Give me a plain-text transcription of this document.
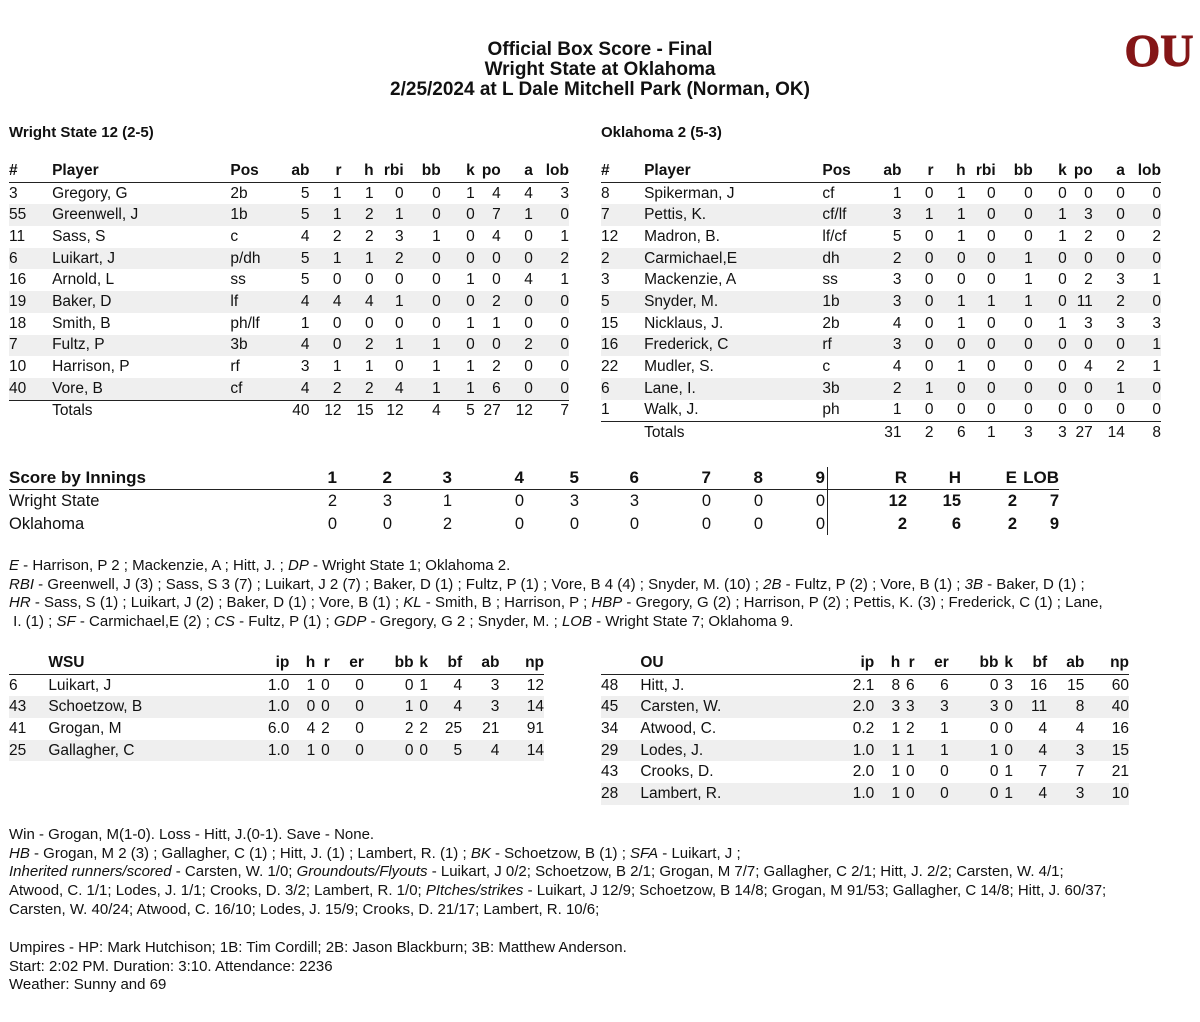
Official Box Score - Final
Wright State at Oklahoma
2/25/2024 at L Dale Mitchell Park (Norman, OK)
OU
Wright State 12 (2-5)
#	Player	Pos	ab	r	h	rbi	bb	k	po	a	lob
3	Gregory, G	2b	5	1	1	0	0	1	4	4	3
55	Greenwell, J	1b	5	1	2	1	0	0	7	1	0
11	Sass, S	c	4	2	2	3	1	0	4	0	1
6	Luikart, J	p/dh	5	1	1	2	0	0	0	0	2
16	Arnold, L	ss	5	0	0	0	0	1	0	4	1
19	Baker, D	lf	4	4	4	1	0	0	2	0	0
18	Smith, B	ph/lf	1	0	0	0	0	1	1	0	0
7	Fultz, P	3b	4	0	2	1	1	0	0	2	0
10	Harrison, P	rf	3	1	1	0	1	1	2	0	0
40	Vore, B	cf	4	2	2	4	1	1	6	0	0
	Totals		40	12	15	12	4	5	27	12	7
Oklahoma 2 (5-3)
#	Player	Pos	ab	r	h	rbi	bb	k	po	a	lob
8	Spikerman, J	cf	1	0	1	0	0	0	0	0	0
7	Pettis, K.	cf/lf	3	1	1	0	0	1	3	0	0
12	Madron, B.	lf/cf	5	0	1	0	0	1	2	0	2
2	Carmichael,E	dh	2	0	0	0	1	0	0	0	0
3	Mackenzie, A	ss	3	0	0	0	1	0	2	3	1
5	Snyder, M.	1b	3	0	1	1	1	0	11	2	0
15	Nicklaus, J.	2b	4	0	1	0	0	1	3	3	3
16	Frederick, C	rf	3	0	0	0	0	0	0	0	1
22	Mudler, S.	c	4	0	1	0	0	0	4	2	1
6	Lane, I.	3b	2	1	0	0	0	0	0	1	0
1	Walk, J.	ph	1	0	0	0	0	0	0	0	0
	Totals		31	2	6	1	3	3	27	14	8
Score by Innings	1	2	3	4	5	6	7	8	9	R	H	E	LOB
Wright State	2	3	1	0	3	3	0	0	0	12	15	2	7
Oklahoma	0	0	2	0	0	0	0	0	0	2	6	2	9
E - Harrison, P 2 ; Mackenzie, A ; Hitt, J. ; DP - Wright State 1; Oklahoma 2.
RBI - Greenwell, J (3) ; Sass, S 3 (7) ; Luikart, J 2 (7) ; Baker, D (1) ; Fultz, P (1) ; Vore, B 4 (4) ; Snyder, M. (10) ; 2B - Fultz, P (2) ; Vore, B (1) ; 3B - Baker, D (1) ;
HR - Sass, S (1) ; Luikart, J (2) ; Baker, D (1) ; Vore, B (1) ; KL - Smith, B ; Harrison, P ; HBP - Gregory, G (2) ; Harrison, P (2) ; Pettis, K. (3) ; Frederick, C (1) ; Lane,
I. (1) ; SF - Carmichael,E (2) ; CS - Fultz, P (1) ; GDP - Gregory, G 2 ; Snyder, M. ; LOB - Wright State 7; Oklahoma 9.
	WSU	ip	h	r	er	bb	k	bf	ab	np
6	Luikart, J	1.0	1	0	0	0	1	4	3	12
43	Schoetzow, B	1.0	0	0	0	1	0	4	3	14
41	Grogan, M	6.0	4	2	0	2	2	25	21	91
25	Gallagher, C	1.0	1	0	0	0	0	5	4	14
	OU	ip	h	r	er	bb	k	bf	ab	np
48	Hitt, J.	2.1	8	6	6	0	3	16	15	60
45	Carsten, W.	2.0	3	3	3	3	0	11	8	40
34	Atwood, C.	0.2	1	2	1	0	0	4	4	16
29	Lodes, J.	1.0	1	1	1	1	0	4	3	15
43	Crooks, D.	2.0	1	0	0	0	1	7	7	21
28	Lambert, R.	1.0	1	0	0	0	1	4	3	10
Win - Grogan, M(1-0). Loss - Hitt, J.(0-1). Save - None.
HB - Grogan, M 2 (3) ; Gallagher, C (1) ; Hitt, J. (1) ; Lambert, R. (1) ; BK - Schoetzow, B (1) ; SFA - Luikart, J ;
Inherited runners/scored - Carsten, W. 1/0; Groundouts/Flyouts - Luikart, J 0/2; Schoetzow, B 2/1; Grogan, M 7/7; Gallagher, C 2/1; Hitt, J. 2/2; Carsten, W. 4/1;
Atwood, C. 1/1; Lodes, J. 1/1; Crooks, D. 3/2; Lambert, R. 1/0; PItches/strikes - Luikart, J 12/9; Schoetzow, B 14/8; Grogan, M 91/53; Gallagher, C 14/8; Hitt, J. 60/37;
Carsten, W. 40/24; Atwood, C. 16/10; Lodes, J. 15/9; Crooks, D. 21/17; Lambert, R. 10/6;
Umpires - HP: Mark Hutchison; 1B: Tim Cordill; 2B: Jason Blackburn; 3B: Matthew Anderson.
Start: 2:02 PM. Duration: 3:10. Attendance: 2236
Weather: Sunny and 69
